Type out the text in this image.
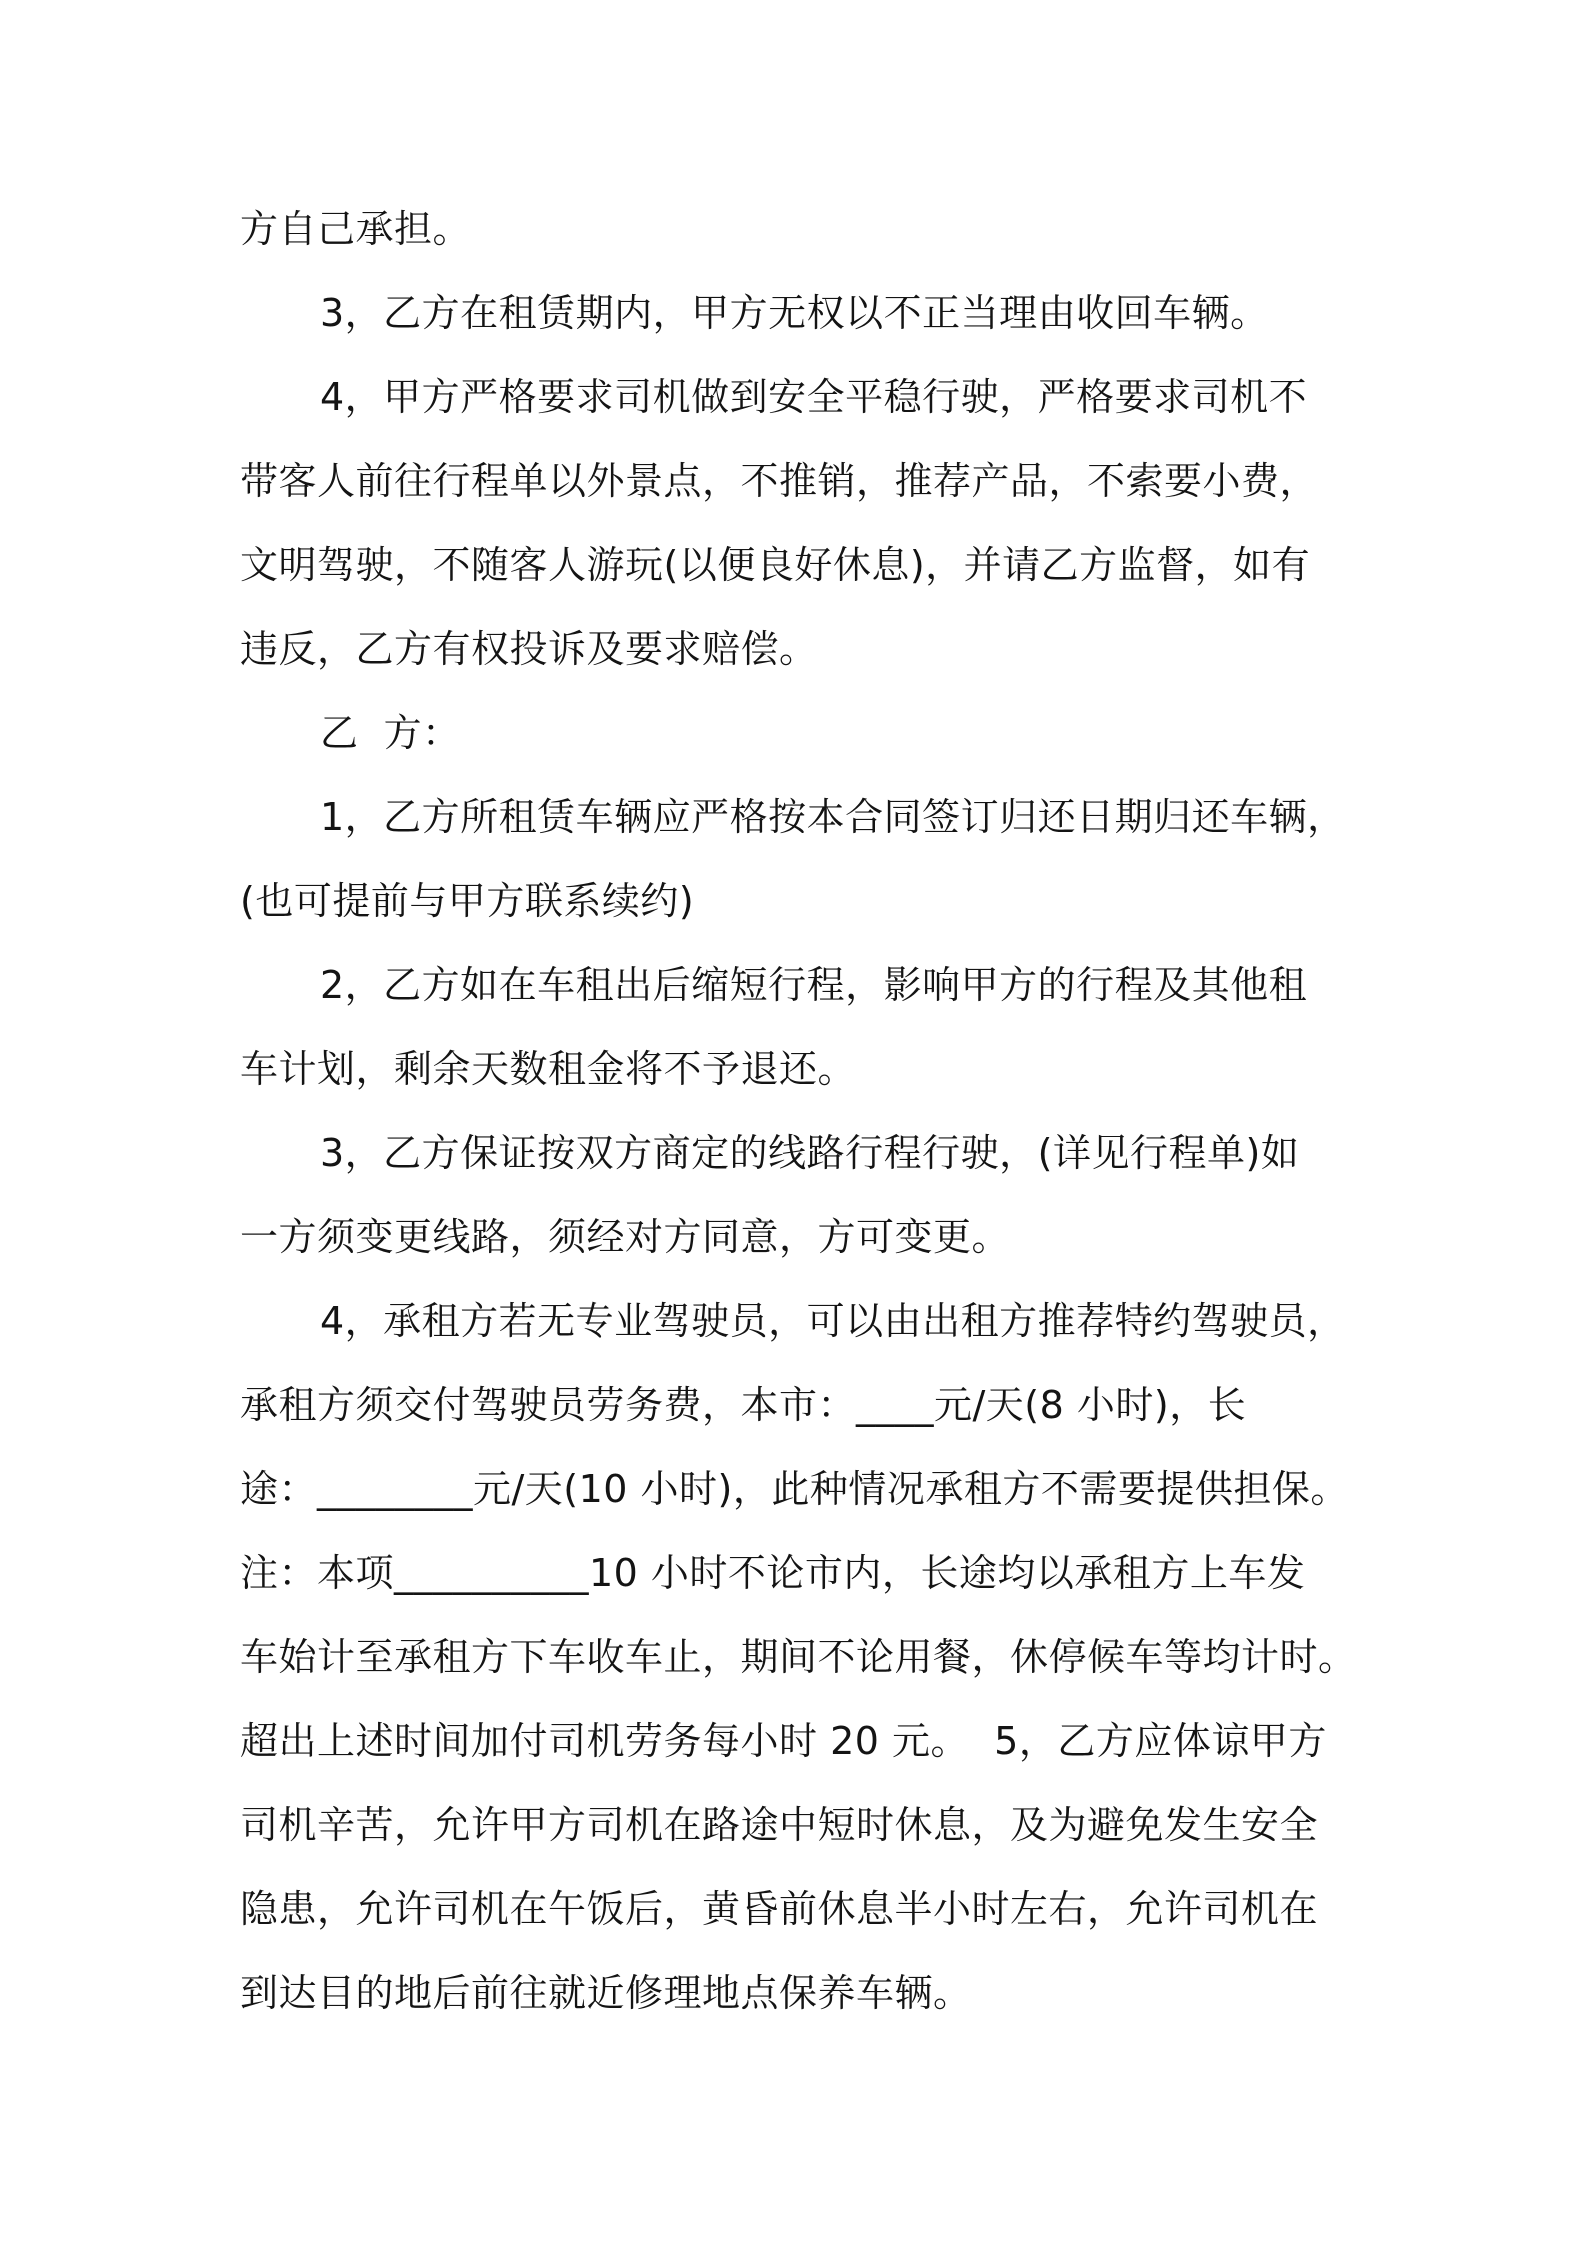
方自己承担。
3，乙方在租赁期内，甲方无权以不正当理由收回车辆。
4，甲方严格要求司机做到安全平稳行驶，严格要求司机不
带客人前往行程单以外景点，不推销，推荐产品，不索要小费，
文明驾驶，不随客人游玩(以便良好休息)，并请乙方监督，如有
违反，乙方有权投诉及要求赔偿。
乙  方：
1，乙方所租赁车辆应严格按本合同签订归还日期归还车辆，
(也可提前与甲方联系续约)
2，乙方如在车租出后缩短行程，影响甲方的行程及其他租
车计划，剩余天数租金将不予退还。
3，乙方保证按双方商定的线路行程行驶，(详见行程单)如
一方须变更线路，须经对方同意，方可变更。
4，承租方若无专业驾驶员，可以由出租方推荐特约驾驶员，
承租方须交付驾驶员劳务费，本市：____元/天(8 小时)，长
途：________元/天(10 小时)，此种情况承租方不需要提供担保。
注：本项__________10 小时不论市内，长途均以承租方上车发
车始计至承租方下车收车止，期间不论用餐，休停候车等均计时。
超出上述时间加付司机劳务每小时 20 元。  5，乙方应体谅甲方
司机辛苦，允许甲方司机在路途中短时休息，及为避免发生安全
隐患，允许司机在午饭后，黄昏前休息半小时左右，允许司机在
到达目的地后前往就近修理地点保养车辆。
